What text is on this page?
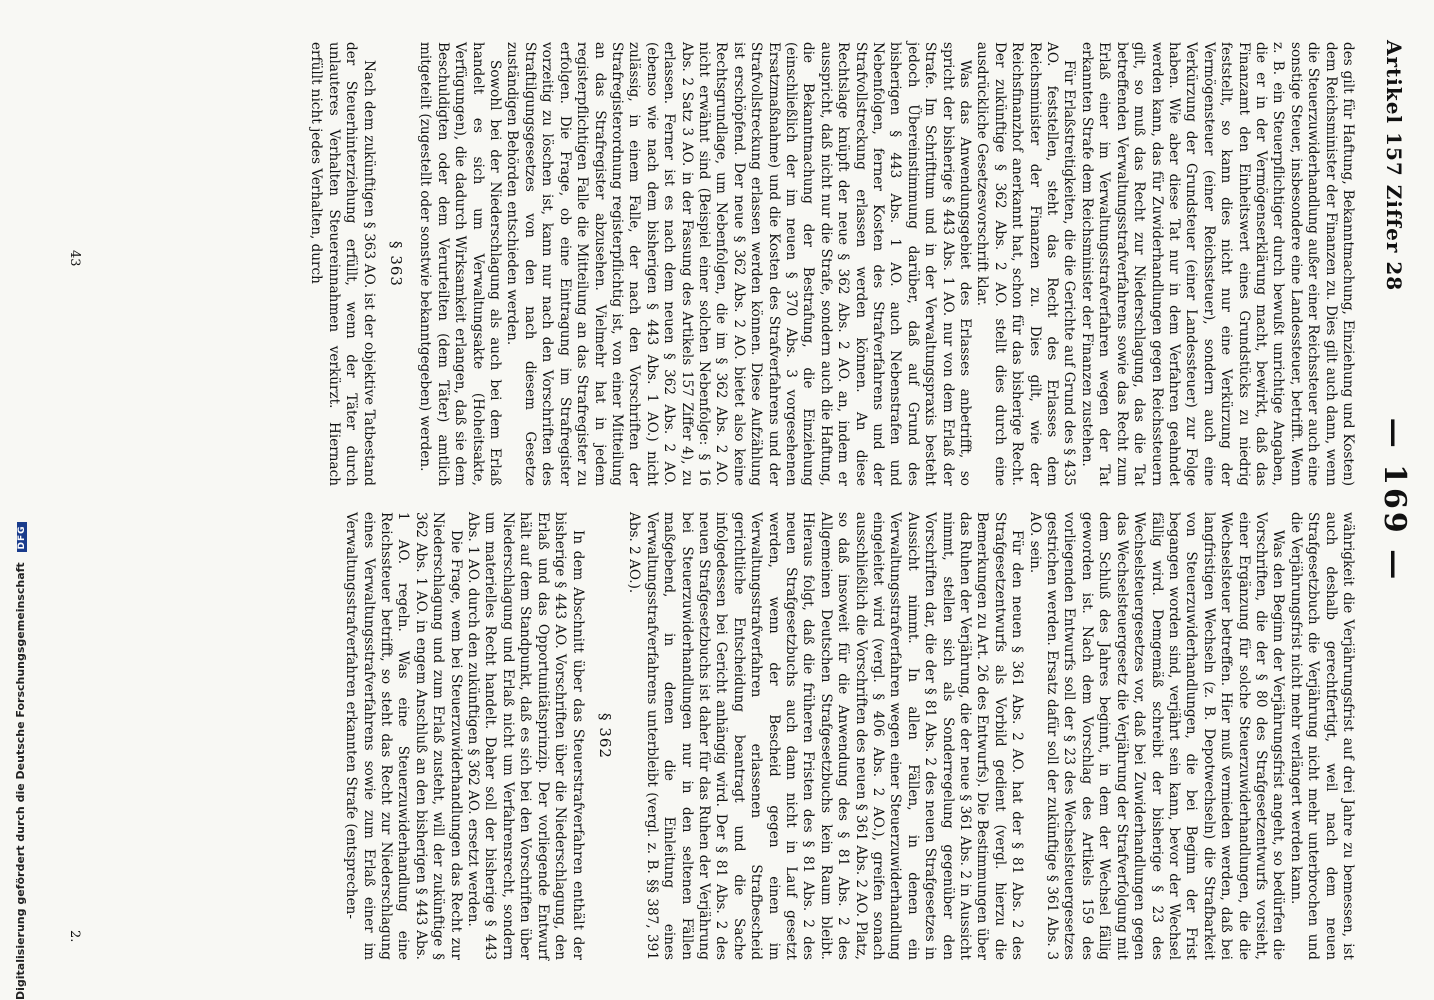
Artikel 157 Ziffer 28
— 169 —

des gilt für Haftung, Bekanntmachung, Einziehung und Kosten) dem Reichsminister der Finanzen zu. Dies gilt auch dann, wenn die Steuerzuwiderhandlung außer einer Reichssteuer auch eine sonstige Steuer, insbesondere eine Landessteuer, betrifft. Wenn z. B. ein Steuerpflichtiger durch bewußt unrichtige Angaben, die er in der Vermögenserklärung macht, bewirkt, daß das Finanzamt den Einheitswert eines Grundstücks zu niedrig feststellt, so kann dies nicht nur eine Verkürzung der Vermögensteuer (einer Reichssteuer), sondern auch eine Verkürzung der Grundsteuer (einer Landessteuer) zur Folge haben. Wie aber diese Tat nur in dem Verfahren geahndet werden kann, das für Zuwiderhandlungen gegen Reichssteuern gilt, so muß das Recht zur Niederschlagung, das die Tat betreffenden Verwaltungsstrafverfahrens sowie das Recht zum Erlaß einer im Verwaltungsstrafverfahren wegen der Tat erkannten Strafe dem Reichsminister der Finanzen zustehen.

Für Erlaßstreitigkeiten, die die Gerichte auf Grund des § 435 AO. feststellen, steht das Recht des Erlasses dem Reichsminister der Finanzen zu. Dies gilt, wie der Reichsfinanzhof anerkannt hat, schon für das bisherige Recht. Der zukünftige § 362 Abs. 2 AO. stellt dies durch eine ausdrückliche Gesetzesvorschrift klar.

Was das Anwendungsgebiet des Erlasses anbetrifft, so spricht der bisherige § 443 Abs. 1 AO. nur von dem Erlaß der Strafe. Im Schrifttum und in der Verwaltungspraxis besteht jedoch Übereinstimmung darüber, daß auf Grund des bisherigen § 443 Abs. 1 AO. auch Nebenstrafen und Nebenfolgen, ferner Kosten des Strafverfahrens und der Strafvollstreckung erlassen werden können. An diese Rechtslage knüpft der neue § 362 Abs. 2 AO. an, indem er ausspricht, daß nicht nur die Strafe, sondern auch die Haftung, die Bekanntmachung der Bestrafung, die Einziehung (einschließlich der im neuen § 370 Abs. 3 vorgesehenen Ersatzmaßnahme) und die Kosten des Strafverfahrens und der Strafvollstreckung erlassen werden können. Diese Aufzählung ist erschöpfend. Der neue § 362 Abs. 2 AO. bietet also keine Rechtsgrundlage, um Nebenfolgen, die im § 362 Abs. 2 AO. nicht erwähnt sind (Beispiel einer solchen Nebenfolge: § 16 Abs. 2 Satz 3 AO. in der Fassung des Artikels 157 Ziffer 4), zu erlassen. Ferner ist es nach dem neuen § 362 Abs. 2 AO. (ebenso wie nach dem bisherigen § 443 Abs. 1 AO.) nicht zulässig, in einem Falle, der nach den Vorschriften der Strafregisterordnung registerpflichtig ist, von einer Mitteilung an das Strafregister abzusehen. Vielmehr hat in jedem registerpflichtigen Falle die Mitteilung an das Strafregister zu erfolgen. Die Frage, ob eine Eintragung im Strafregister vorzeitig zu löschen ist, kann nur nach den Vorschriften des Straftilgungsgesetzes von den nach diesem Gesetze zuständigen Behörden entschieden werden.

Sowohl bei der Niederschlagung als auch bei dem Erlaß handelt es sich um Verwaltungsakte (Hoheitsakte, Verfügungen), die dadurch Wirksamkeit erlangen, daß sie dem Beschuldigten oder dem Verurteilten (dem Täter) amtlich mitgeteilt (zugestellt oder sonstwie bekanntgegeben) werden.

§ 363

Nach dem zukünftigen § 363 AO. ist der objektive Tatbestand der Steuerhinterziehung erfüllt, wenn der Täter durch unlauteres Verhalten Steuereinnahmen verkürzt. Hiernach erfüllt nicht jedes Verhalten, durch

währigkeit die Verjährungsfrist auf drei Jahre zu bemessen, ist auch deshalb gerechtfertigt, weil nach dem neuen Strafgesetzbuch die Verjährung nicht mehr unterbrochen und die Verjährungsfrist nicht mehr verlängert werden kann.

Was den Beginn der Verjährungsfrist angeht, so bedürfen die Vorschriften, die der § 80 des Strafgesetzentwurfs vorsieht, einer Ergänzung für solche Steuerzuwiderhandlungen, die die Wechselsteuer betreffen. Hier muß vermieden werden, daß bei langfristigen Wechseln (z. B. Depotwechseln) die Strafbarkeit von Steuerzuwiderhandlungen, die bei Beginn der Frist begangen worden sind, verjährt sein kann, bevor der Wechsel fällig wird. Demgemäß schreibt der bisherige § 23 des Wechselsteuergesetzes vor, daß bei Zuwiderhandlungen gegen das Wechselsteuergesetz die Verjährung der Strafverfolgung mit dem Schluß des Jahres beginnt, in dem der Wechsel fällig geworden ist. Nach dem Vorschlag des Artikels 159 des vorliegenden Entwurfs soll der § 23 des Wechselsteuergesetzes gestrichen werden. Ersatz dafür soll der zukünftige § 361 Abs. 3 AO. sein.

Für den neuen § 361 Abs. 2 AO. hat der § 81 Abs. 2 des Strafgesetzentwurfs als Vorbild gedient (vergl. hierzu die Bemerkungen zu Art. 26 des Entwurfs). Die Bestimmungen über das Ruhen der Verjährung, die der neue § 361 Abs. 2 in Aussicht nimmt, stellen sich als Sonderregelung gegenüber den Vorschriften dar, die der § 81 Abs. 2 des neuen Strafgesetzes in Aussicht nimmt. In allen Fällen, in denen ein Verwaltungsstrafverfahren wegen einer Steuerzuwiderhandlung eingeleitet wird (vergl. § 406 Abs. 2 AO.), greifen sonach ausschließlich die Vorschriften des neuen § 361 Abs. 2 AO. Platz, so daß insoweit für die Anwendung des § 81 Abs. 2 des Allgemeinen Deutschen Strafgesetzbuchs kein Raum bleibt. Hieraus folgt, daß die früheren Fristen des § 81 Abs. 2 des neuen Strafgesetzbuchs auch dann nicht in Lauf gesetzt werden, wenn der Bescheid gegen einen im Verwaltungsstrafverfahren erlassenen Strafbescheid gerichtliche Entscheidung beantragt und die Sache infolgedessen bei Gericht anhängig wird. Der § 81 Abs. 2 des neuen Strafgesetzbuchs ist daher für das Ruhen der Verjährung bei Steuerzuwiderhandlungen nur in den seltenen Fällen maßgebend, in denen die Einleitung eines Verwaltungsstrafverfahrens unterbleibt (vergl. z. B. §§ 387, 391 Abs. 2 AO.).

§ 362

In dem Abschnitt über das Steuerstrafverfahren enthält der bisherige § 443 AO. Vorschriften über die Niederschlagung, den Erlaß und das Opportunitätsprinzip. Der vorliegende Entwurf hält auf dem Standpunkt, daß es sich bei den Vorschriften über Niederschlagung und Erlaß nicht um Verfahrensrecht, sondern um materielles Recht handelt. Daher soll der bisherige § 443 Abs. 1 AO. durch den zukünftigen § 362 AO. ersetzt werden.

Die Frage, wem bei Steuerzuwiderhandlungen das Recht zur Niederschlagung und zum Erlaß zusteht, will der zukünftige § 362 Abs. 1 AO. in engem Anschluß an den bisherigen § 443 Abs. 1 AO. regeln. Was eine Steuerzuwiderhandlung eine Reichssteuer betrifft, so steht das Recht zur Niederschlagung eines Verwaltungsstrafverfahrens sowie zum Erlaß einer im Verwaltungsstrafverfahren erkannten Strafe (entsprechen-

43
2.
Digitalisierung gefördert durch die Deutsche Forschungsgemeinschaft DFG
